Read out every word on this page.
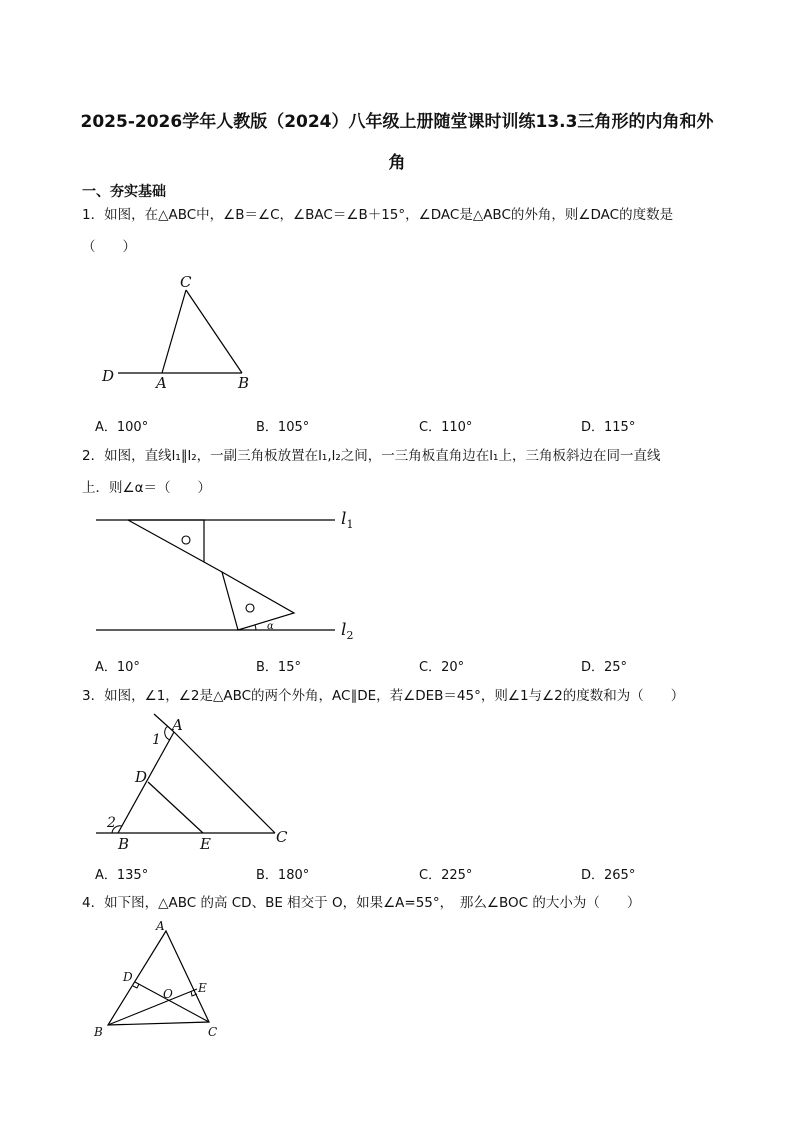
2025-2026学年人教版（2024）八年级上册随堂课时训练13.3三角形的内角和外
角
一、夯实基础
1．如图，在△ABC中，∠B＝∠C，∠BAC＝∠B＋15°，∠DAC是△ABC的外角，则∠DAC的度数是
（　　）
C
D	A	B
A．100°	B．105°	C．110°	D．115°
2．如图，直线l₁∥l₂，一副三角板放置在l₁,l₂之间，一三角板直角边在l₁上，三角板斜边在同一直线
上．则∠α＝（　　）
α
$l_1$
$l_2$
A．10°	B．15°	C．20°	D．25°
3．如图，∠1，∠2是△ABC的两个外角，AC∥DE，若∠DEB＝45°，则∠1与∠2的度数和为（　　）
A
1
D
2
B	E	C
A．135°	B．180°	C．225°	D．265°
4．如下图，△ABC 的高 CD、BE 相交于 O，如果∠A=55°，　那么∠BOC 的大小为（　　）
A
D
O E
B	C
